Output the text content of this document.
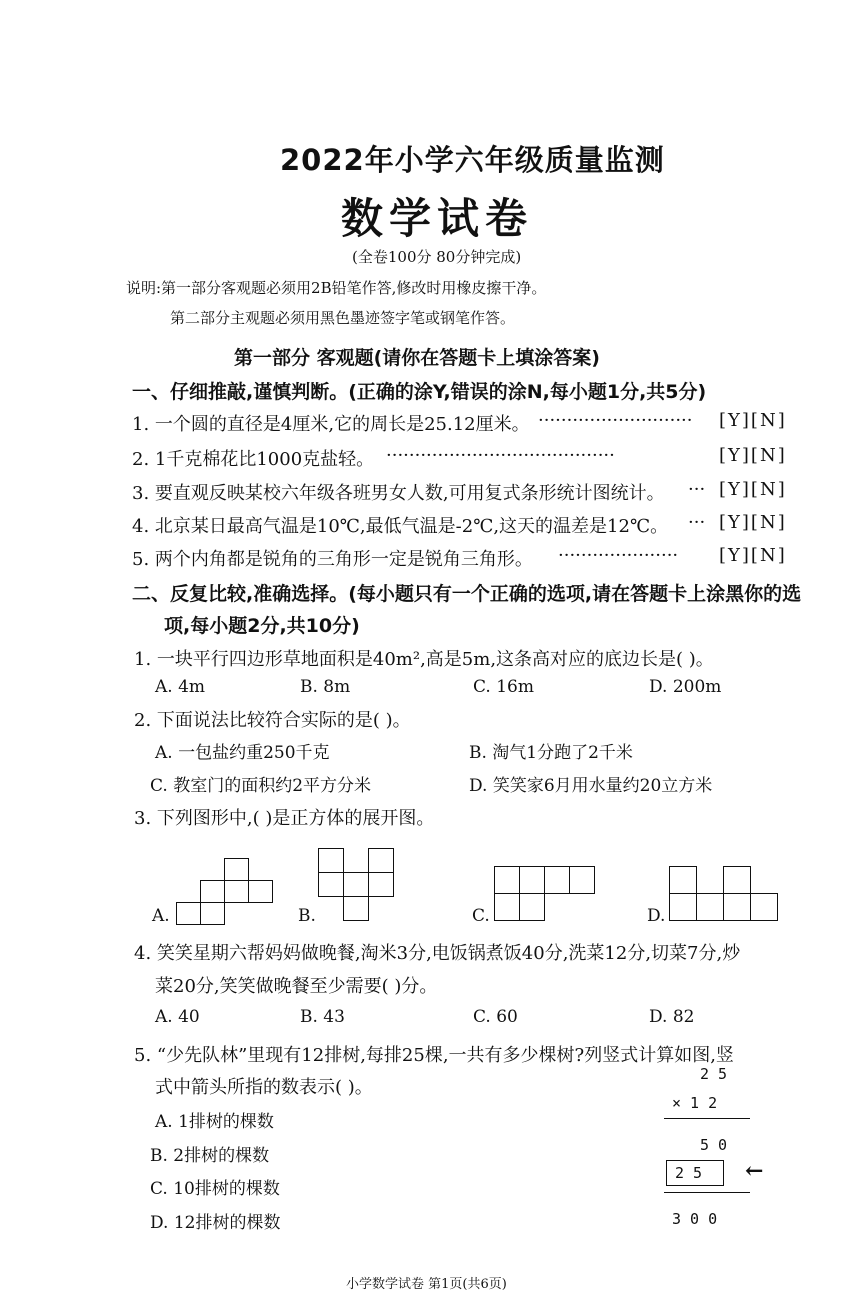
2022年小学六年级质量监测
数学试卷
(全卷100分 80分钟完成)
说明:第一部分客观题必须用2B铅笔作答,修改时用橡皮擦干净。
第二部分主观题必须用黑色墨迹签字笔或钢笔作答。
第一部分 客观题(请你在答题卡上填涂答案)
一、仔细推敲,谨慎判断。(正确的涂Y,错误的涂N,每小题1分,共5分)
1. 一个圆的直径是4厘米,它的周长是25.12厘米。 ··························· [Y][N]
2. 1千克棉花比1000克盐轻。 ········································	[Y][N]
3. 要直观反映某校六年级各班男女人数,可用复式条形统计图统计。 ··· [Y][N]
4. 北京某日最高气温是10℃,最低气温是-2℃,这天的温差是12℃。 ··· [Y][N]
5. 两个内角都是锐角的三角形一定是锐角三角形。 ····················· [Y][N]
二、反复比较,准确选择。(每小题只有一个正确的选项,请在答题卡上涂黑你的选
项,每小题2分,共10分)
1. 一块平行四边形草地面积是40m²,高是5m,这条高对应的底边长是( )。
A. 4m	B. 8m	C. 16m	D. 200m
2. 下面说法比较符合实际的是( )。
A. 一包盐约重250千克	B. 淘气1分跑了2千米
C. 教室门的面积约2平方分米	D. 笑笑家6月用水量约20立方米
3. 下列图形中,( )是正方体的展开图。
A.	B.	C.	D.
4. 笑笑星期六帮妈妈做晚餐,淘米3分,电饭锅煮饭40分,洗菜12分,切菜7分,炒
菜20分,笑笑做晚餐至少需要( )分。
A. 40	B. 43	C. 60	D. 82
5. “少先队林”里现有12排树,每排25棵,一共有多少棵树?列竖式计算如图,竖
式中箭头所指的数表示( )。
A. 1排树的棵数
B. 2排树的棵数
C. 10排树的棵数
D. 12排树的棵数
2 5
× 1 2
5 0
2 5 ←
3 0 0
小学数学试卷 第1页(共6页)
